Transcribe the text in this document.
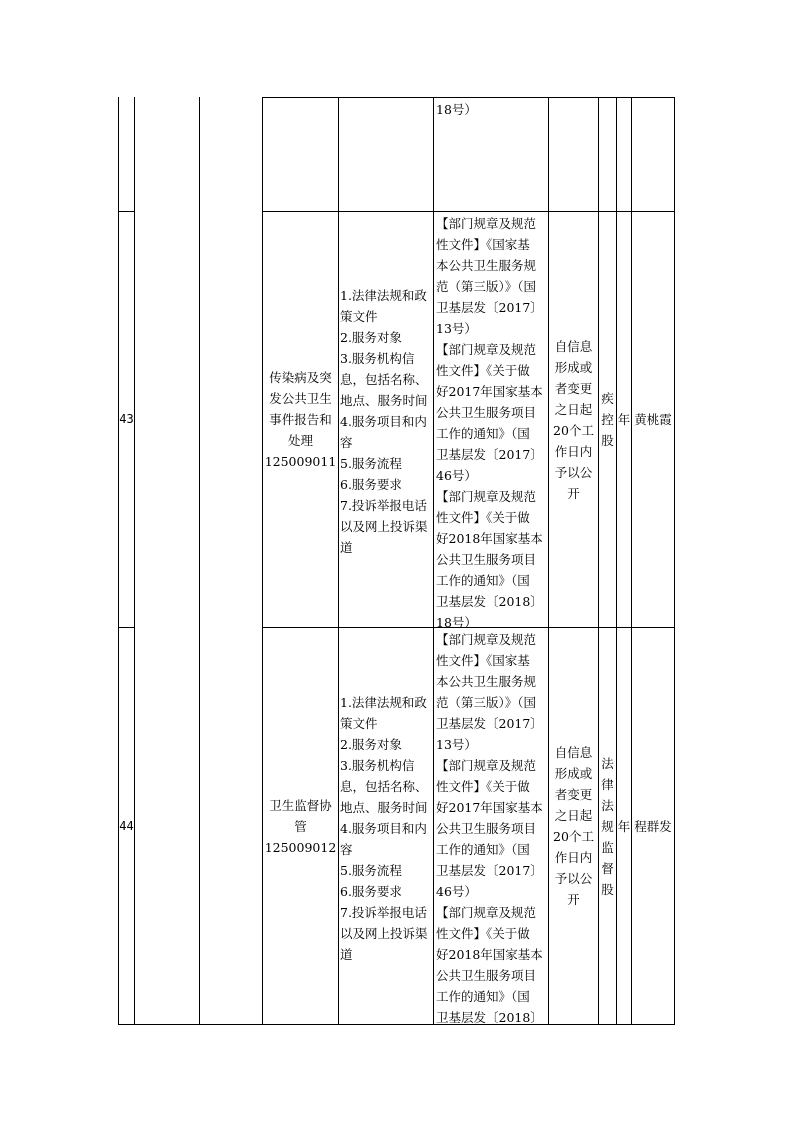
18号）
43
传染病及突
发公共卫生
事件报告和
处理
125009011
1.法律法规和政
策文件
2.服务对象
3.服务机构信
息，包括名称、
地点、服务时间
4.服务项目和内
容
5.服务流程
6.服务要求
7.投诉举报电话
以及网上投诉渠
道
【部门规章及规范
性文件】《国家基
本公共卫生服务规
范（第三版）》（国
卫基层发〔2017〕
13号）
【部门规章及规范
性文件】《关于做
好2017年国家基本
公共卫生服务项目
工作的通知》（国
卫基层发〔2017〕
46号）
【部门规章及规范
性文件】《关于做
好2018年国家基本
公共卫生服务项目
工作的通知》（国
卫基层发〔2018〕
18号）
自信息
形成或
者变更
之日起
20个工
作日内
予以公
开
疾
控
股
年 黄桃霞
44
卫生监督协
管
125009012
1.法律法规和政
策文件
2.服务对象
3.服务机构信
息，包括名称、
地点、服务时间
4.服务项目和内
容
5.服务流程
6.服务要求
7.投诉举报电话
以及网上投诉渠
道
【部门规章及规范
性文件】《国家基
本公共卫生服务规
范（第三版）》（国
卫基层发〔2017〕
13号）
【部门规章及规范
性文件】《关于做
好2017年国家基本
公共卫生服务项目
工作的通知》（国
卫基层发〔2017〕
46号）
【部门规章及规范
性文件】《关于做
好2018年国家基本
公共卫生服务项目
工作的通知》（国
卫基层发〔2018〕
自信息
形成或
者变更
之日起
20个工
作日内
予以公
开
法
律
法
规
监
督
股
年 程群发
